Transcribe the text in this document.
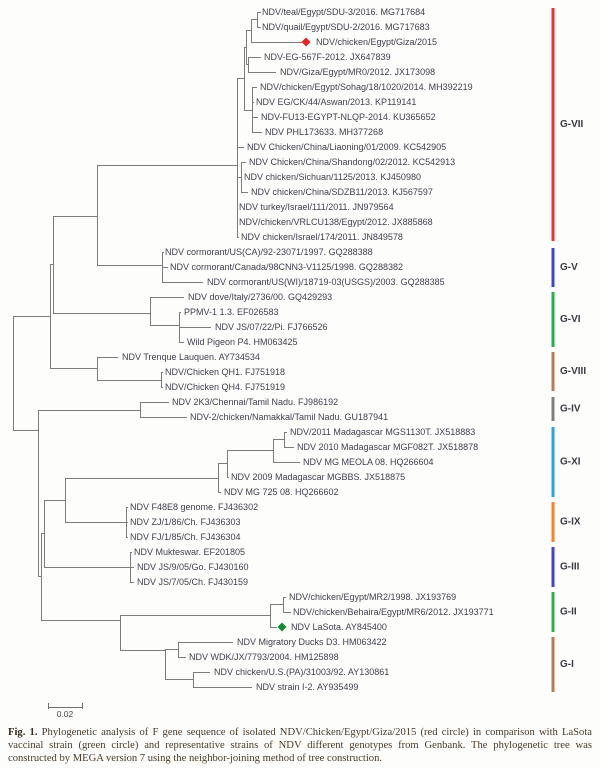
NDV/teal/Egypt/SDU-3/2016. MG717684
NDV/quail/Egypt/SDU-2/2016. MG717683
NDV/chicken/Egypt/Giza/2015
NDV-EG-567F-2012. JX647839
NDV/Giza/Egypt/MR0/2012. JX173098
NDV/chicken/Egypt/Sohag/18/1020/2014. MH392219
NDV EG/CK/44/Aswan/2013. KP119141
NDV-FU13-EGYPT-NLQP-2014. KU365652
NDV PHL173633. MH377268
NDV Chicken/China/Liaoning/01/2009. KC542905
NDV Chicken/China/Shandong/02/2012. KC542913
NDV chicken/Sichuan/1125/2013. KJ450980
NDV chicken/China/SDZB11/2013. KJ567597
NDV turkey/Israel/111/2011. JN979564
NDV/chicken/VRLCU138/Egypt/2012. JX885868
NDV chicken/Israel/174/2011. JN849578
NDV cormorant/US(CA)/92-23071/1997. GQ288388
NDV cormorant/Canada/98CNN3-V1125/1998. GQ288382
NDV cormorant/US(WI)/18719-03(USGS)/2003. GQ288385
NDV dove/Italy/2736/00. GQ429293
PPMV-1 1.3. EF026583
NDV JS/07/22/Pi. FJ766526
Wild Pigeon P4. HM063425
NDV Trenque Lauquen. AY734534
NDV/Chicken QH1. FJ751918
NDV/Chicken QH4. FJ751919
NDV 2K3/Chennai/Tamil Nadu. FJ986192
NDV-2/chicken/Namakkal/Tamil Nadu. GU187941
NDV/2011 Madagascar MGS1130T. JX518883
NDV 2010 Madagascar MGF082T. JX518878
NDV MG MEOLA 08. HQ266604
NDV 2009 Madagascar MGBBS. JX518875
NDV MG 725 08. HQ266602
NDV F48E8 genome. FJ436302
NDV ZJ/1/86/Ch. FJ436303
NDV FJ/1/85/Ch. FJ436304
NDV Mukteswar. EF201805
NDV JS/9/05/Go. FJ430160
NDV JS/7/05/Ch. FJ430159
NDV/chicken/Egypt/MR2/1998. JX193769
NDV/chicken/Behaira/Egypt/MR6/2012. JX193771
NDV LaSota. AY845400
NDV Migratory Ducks D3. HM063422
NDV WDK/JX/7793/2004. HM125898
NDV chicken/U.S.(PA)/31003/92. AY130861
NDV strain I-2. AY935499
G-VII
G-V
G-VI
G-VIII
G-IV
G-XI
G-IX
G-III
G-II
G-I
0.02
Fig. 1. Phylogenetic analysis of F gene sequence of isolated NDV/Chicken/Egypt/Giza/2015 (red circle) in comparison with LaSota vaccinal strain (green circle) and representative strains of NDV different genotypes from Genbank. The phylogenetic tree was constructed by MEGA version 7 using the neighbor-joining method of tree construction.
